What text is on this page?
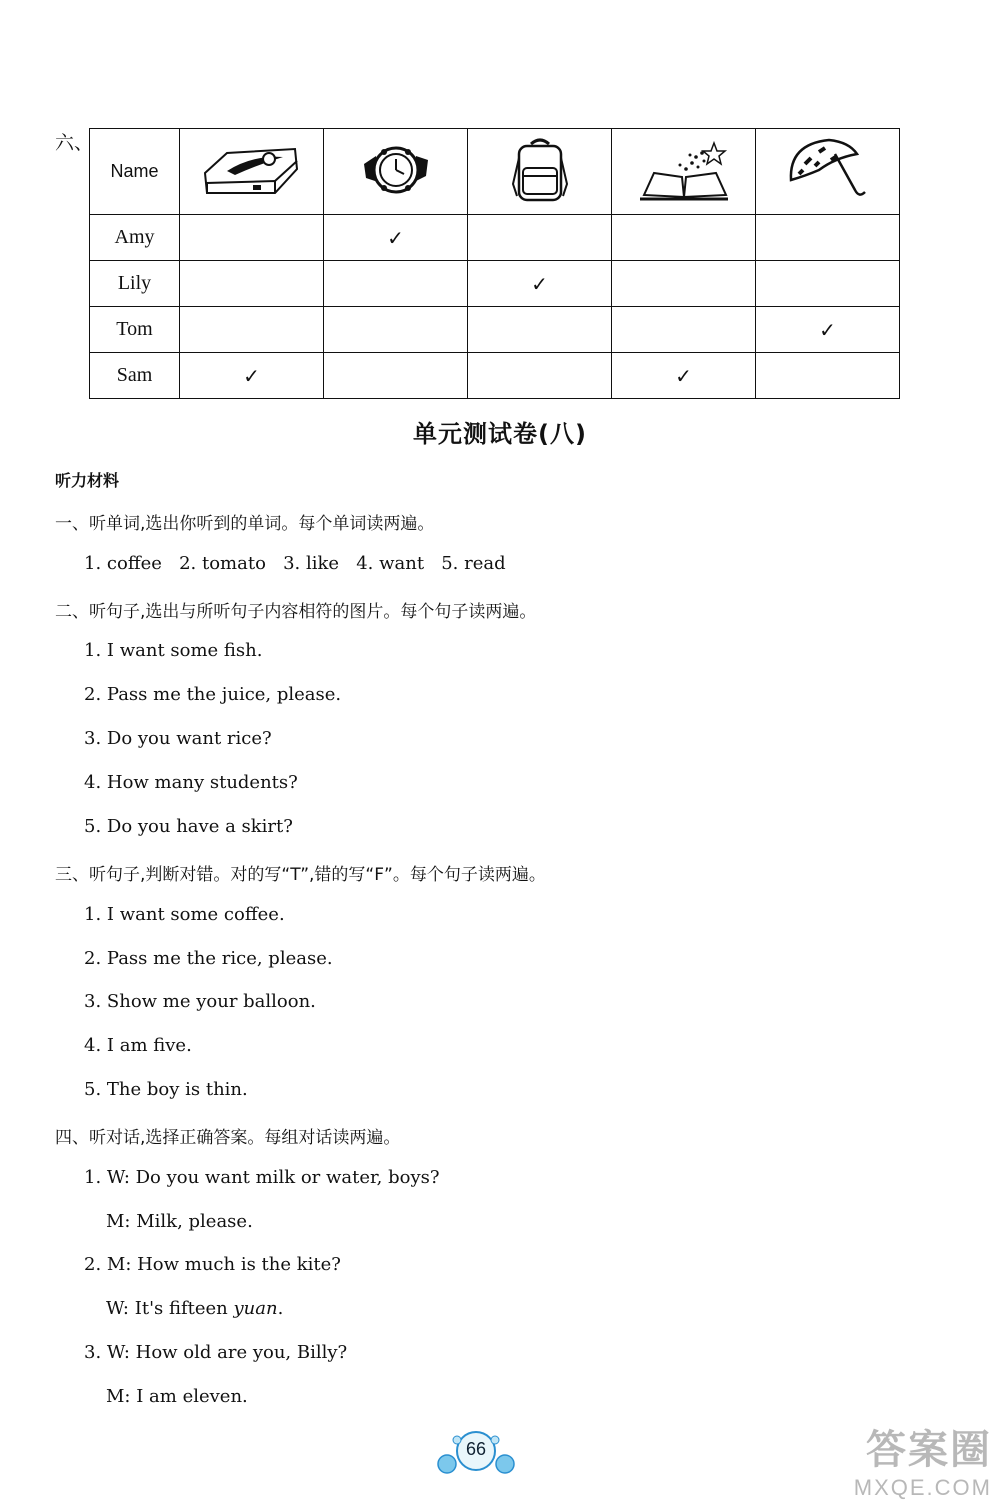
六、
Name					
Amy		✓			
Lily			✓		
Tom					✓
Sam	✓			✓	
单元测试卷(八)
听力材料
一、听单词,选出你听到的单词。每个单词读两遍。
1. coffee   2. tomato   3. like   4. want   5. read
二、听句子,选出与所听句子内容相符的图片。每个句子读两遍。
1. I want some fish.
2. Pass me the juice, please.
3. Do you want rice?
4. How many students?
5. Do you have a skirt?
三、听句子,判断对错。对的写“T”,错的写“F”。每个句子读两遍。
1. I want some coffee.
2. Pass me the rice, please.
3. Show me your balloon.
4. I am five.
5. The boy is thin.
四、听对话,选择正确答案。每组对话读两遍。
1. W: Do you want milk or water, boys?
M: Milk, please.
2. M: How much is the kite?
W: It's fifteen yuan.
3. W: How old are you, Billy?
M: I am eleven.
66	答案圈
MXQE.COM
